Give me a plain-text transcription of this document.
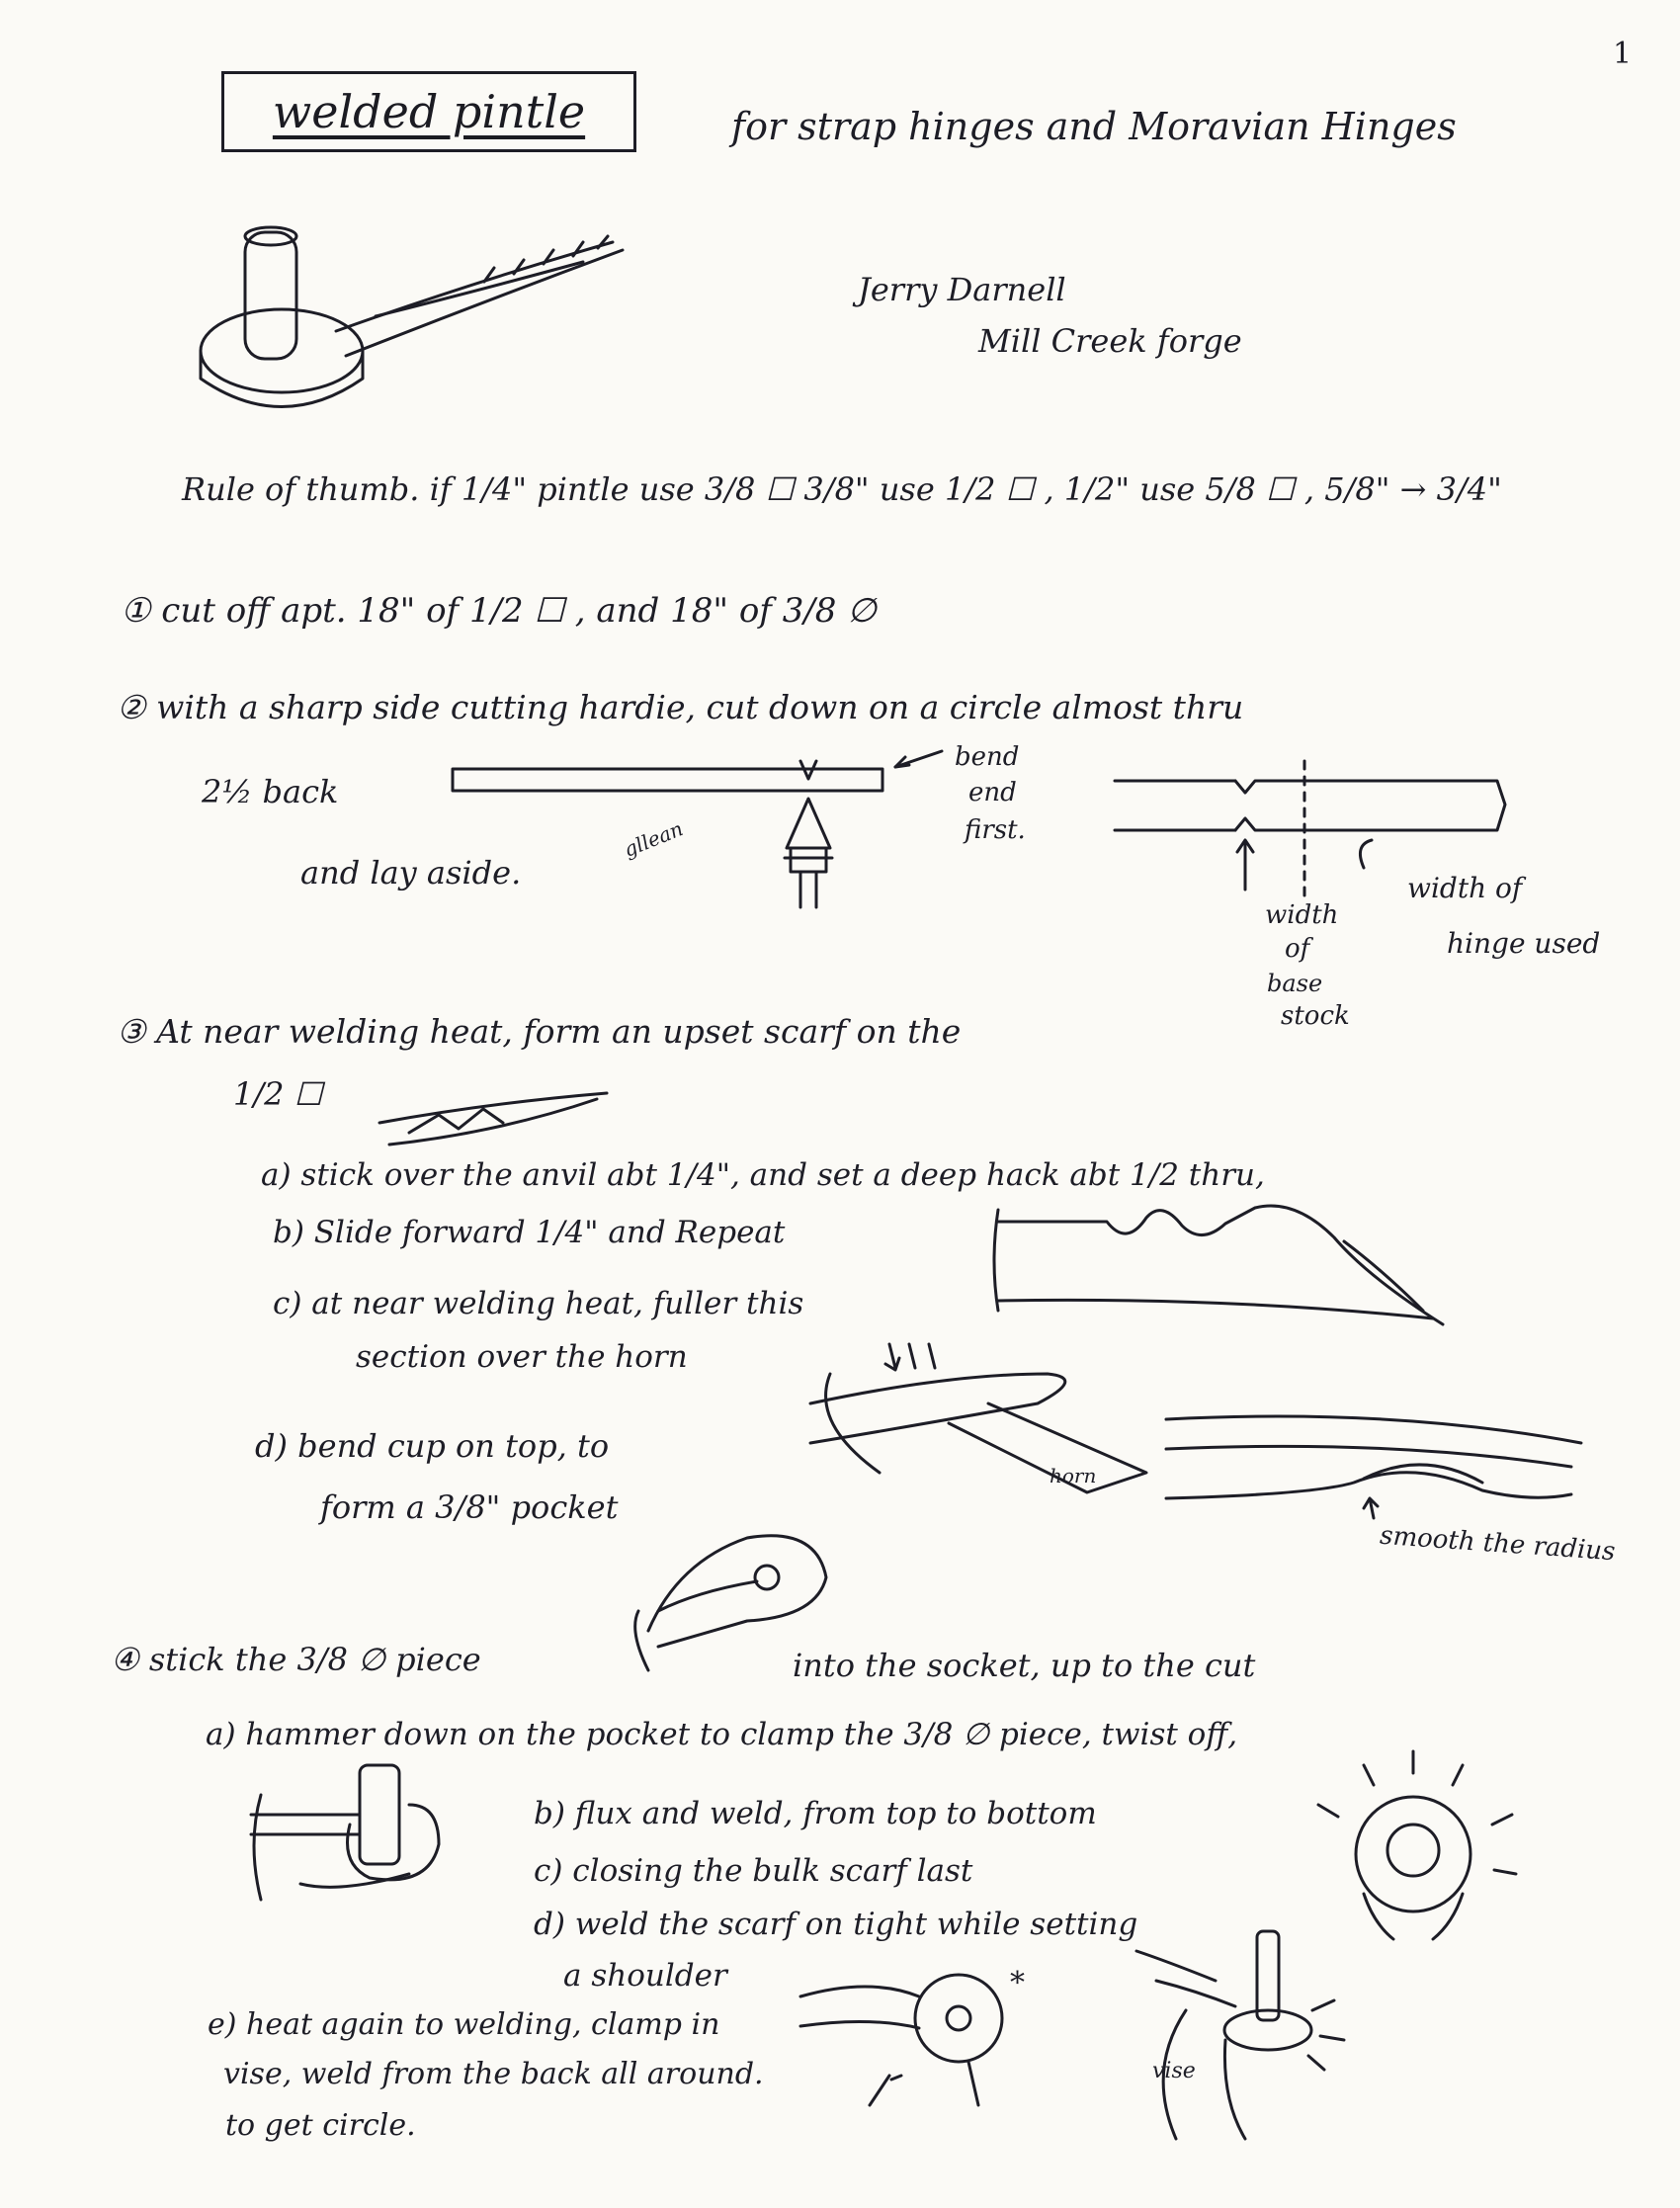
1
welded pintle	for strap hinges and Moravian Hinges
Jerry Darnell
Mill Creek forge
Rule of thumb. if 1/4" pintle use 3/8 ☐ 3/8" use 1/2 ☐ , 1/2" use 5/8 ☐ , 5/8" → 3/4"
① cut off apt. 18" of 1/2 ☐ , and 18" of 3/8 ∅
② with a sharp side cutting hardie, cut down on a circle almost thru
2½ back
and lay aside.
gllean
bend
end
first.
width
of
base
stock
width of
hinge used
③ At near welding heat, form an upset scarf on the
1/2 ☐
a) stick over the anvil abt 1/4", and set a deep hack abt 1/2 thru,
b) Slide forward 1/4" and Repeat
c) at near welding heat, fuller this
section over the horn
horn
d) bend cup on top, to
form a 3/8" pocket
smooth the radius
④ stick the 3/8 ∅ piece	into the socket, up to the cut
a) hammer down on the pocket to clamp the 3/8 ∅ piece, twist off,
b) flux and weld, from top to bottom
c) closing the bulk scarf last
d) weld the scarf on tight while setting
a shoulder	*
vise
e) heat again to welding, clamp in
vise, weld from the back all around.
to get circle.
